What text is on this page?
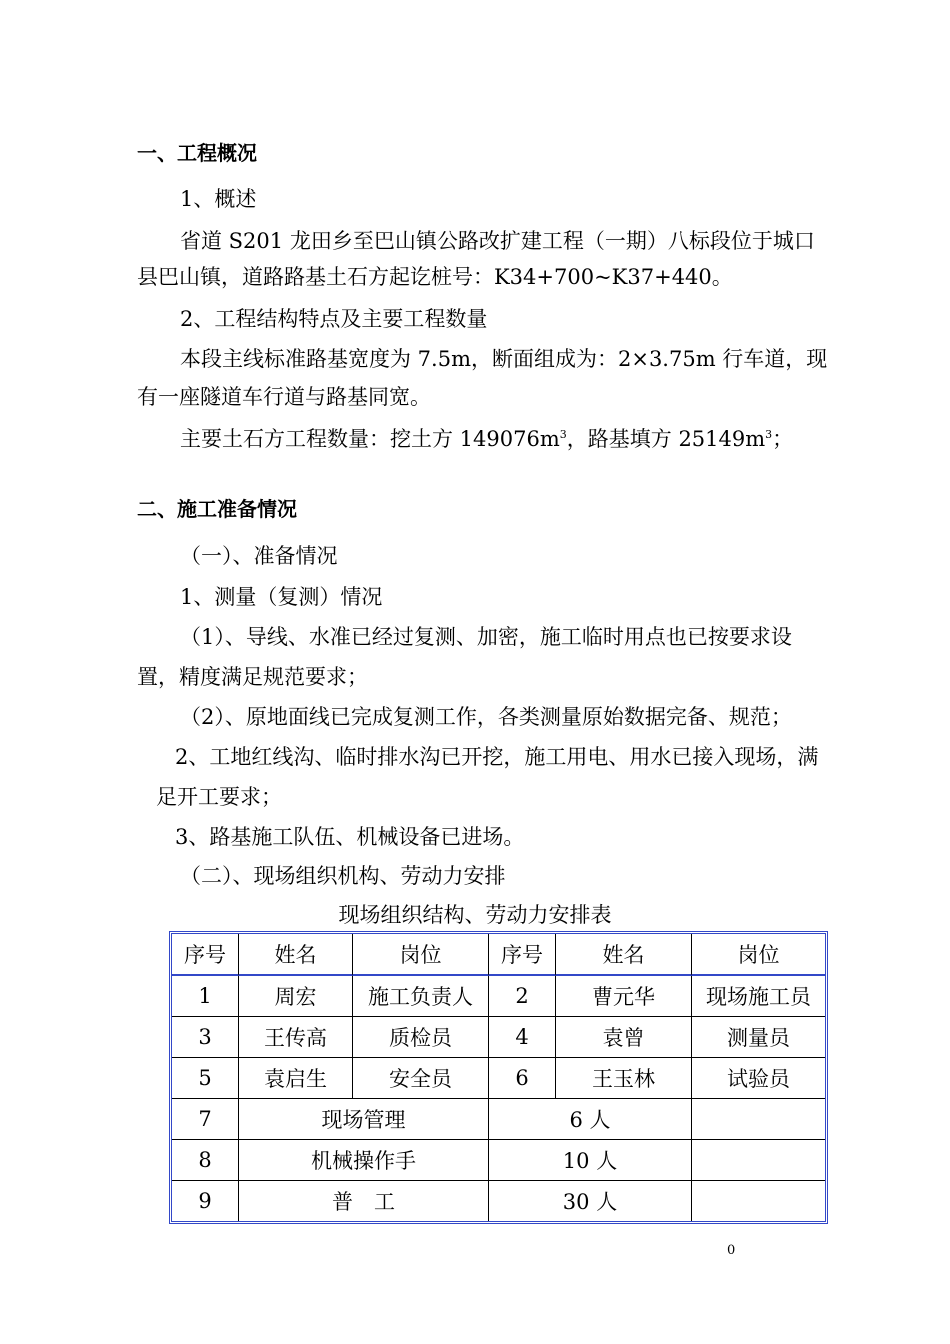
一、工程概况
1、概述
省道 S201 龙田乡至巴山镇公路改扩建工程（一期）八标段位于城口
县巴山镇，道路路基土石方起讫桩号：K34+700~K37+440。
2、工程结构特点及主要工程数量
本段主线标准路基宽度为 7.5m，断面组成为：2×3.75m 行车道，现
有一座隧道车行道与路基同宽。
主要土石方工程数量：挖土方 $149076m^3$，路基填方 $25149m^3$；
二、施工准备情况
（一）、准备情况
1、测量（复测）情况
（1）、导线、水准已经过复测、加密，施工临时用点也已按要求设
置，精度满足规范要求；
（2）、原地面线已完成复测工作，各类测量原始数据完备、规范；
2、工地红线沟、临时排水沟已开挖，施工用电、用水已接入现场，满
足开工要求；
3、路基施工队伍、机械设备已进场。
（二）、现场组织机构、劳动力安排
现场组织结构、劳动力安排表
序号	姓名	岗位	序号	姓名	岗位
1	周宏	施工负责人	2	曹元华	现场施工员
3	王传高	质检员	4	袁曾	测量员
5	袁启生	安全员	6	王玉林	试验员
7	现场管理		6 人		
8	机械操作手		10 人		
9	普　工		30 人		
0
